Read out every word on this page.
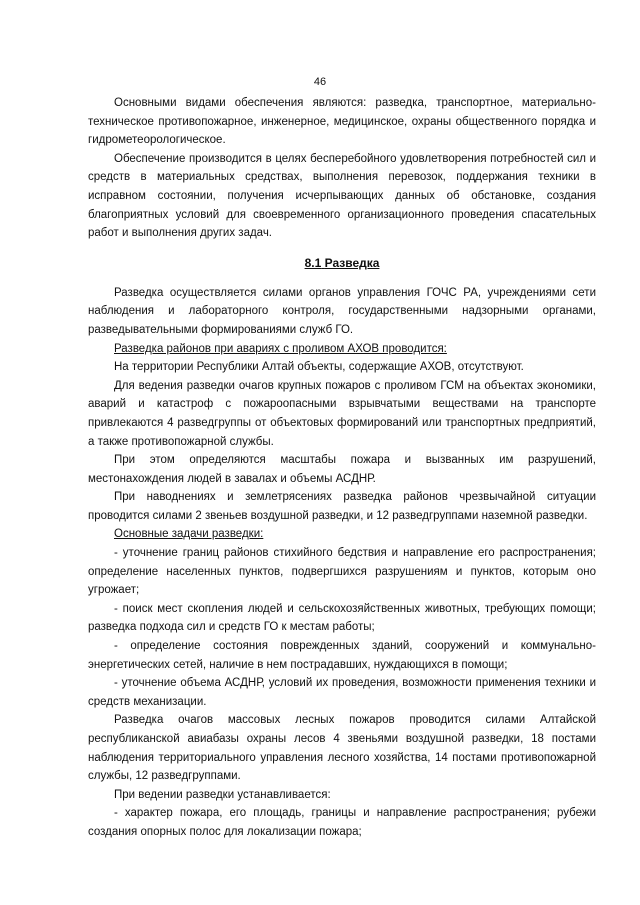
46

Основными видами обеспечения являются: разведка, транспортное, материально-техническое противопожарное, инженерное, медицинское, охраны общественного порядка и гидрометеорологическое.

Обеспечение производится в целях бесперебойного удовлетворения потребностей сил и средств в материальных средствах, выполнения перевозок, поддержания техники в исправном состоянии, получения исчерпывающих данных об обстановке, создания благоприятных условий для своевременного организационного проведения спасательных работ и выполнения других задач.

8.1 Разведка

Разведка осуществляется силами органов управления ГОЧС РА, учреждениями сети наблюдения и лабораторного контроля, государственными надзорными органами, разведывательными формированиями служб ГО.

Разведка районов при авариях с проливом АХОВ проводится:

На территории Республики Алтай объекты, содержащие АХОВ, отсутствуют.

Для ведения разведки очагов крупных пожаров с проливом ГСМ на объектах экономики, аварий и катастроф с пожароопасными взрывчатыми веществами на транспорте привлекаются 4 разведгруппы от объектовых формирований или транспортных предприятий, а также противопожарной службы.

При этом определяются масштабы пожара и вызванных им разрушений, местонахождения людей в завалах и объемы АСДНР.

При наводнениях и землетрясениях разведка районов чрезвычайной ситуации проводится силами 2 звеньев воздушной разведки, и 12 разведгруппами наземной разведки.

Основные задачи разведки:

- уточнение границ районов стихийного бедствия и направление его распространения; определение населенных пунктов, подвергшихся разрушениям и пунктов, которым оно угрожает;

- поиск мест скопления людей и сельскохозяйственных животных, требующих помощи; разведка подхода сил и средств ГО к местам работы;

- определение состояния поврежденных зданий, сооружений и коммунально-энергетических сетей, наличие в нем пострадавших, нуждающихся в помощи;

- уточнение объема АСДНР, условий их проведения, возможности применения техники и средств механизации.

Разведка очагов массовых лесных пожаров проводится силами Алтайской республиканской авиабазы охраны лесов 4 звеньями воздушной разведки, 18 постами наблюдения территориального управления лесного хозяйства, 14 постами противопожарной службы, 12 разведгруппами.

При ведении разведки устанавливается:

- характер пожара, его площадь, границы и направление распространения; рубежи создания опорных полос для локализации пожара;
